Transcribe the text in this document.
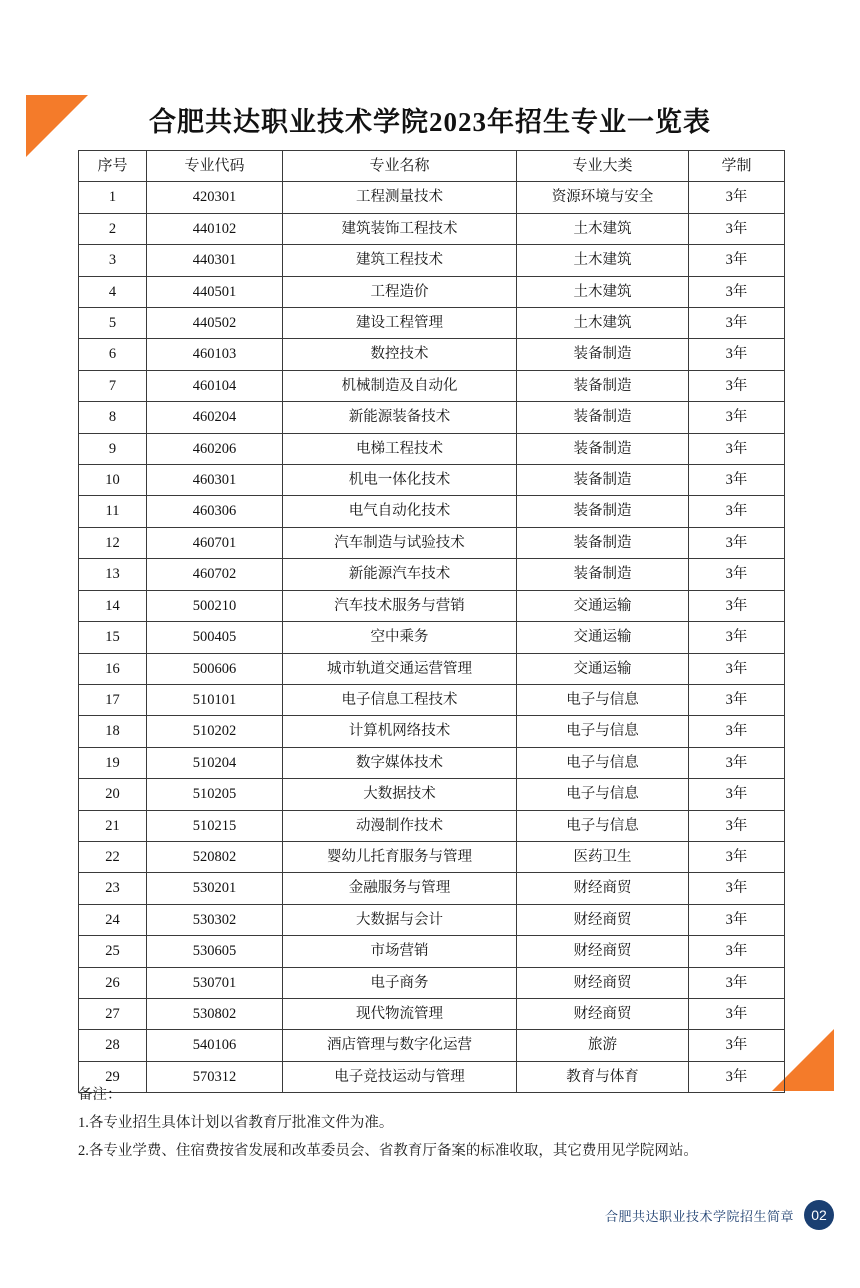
合肥共达职业技术学院2023年招生专业一览表
序号	专业代码	专业名称	专业大类	学制
1	420301	工程测量技术	资源环境与安全	3年
2	440102	建筑装饰工程技术	土木建筑	3年
3	440301	建筑工程技术	土木建筑	3年
4	440501	工程造价	土木建筑	3年
5	440502	建设工程管理	土木建筑	3年
6	460103	数控技术	装备制造	3年
7	460104	机械制造及自动化	装备制造	3年
8	460204	新能源装备技术	装备制造	3年
9	460206	电梯工程技术	装备制造	3年
10	460301	机电一体化技术	装备制造	3年
11	460306	电气自动化技术	装备制造	3年
12	460701	汽车制造与试验技术	装备制造	3年
13	460702	新能源汽车技术	装备制造	3年
14	500210	汽车技术服务与营销	交通运输	3年
15	500405	空中乘务	交通运输	3年
16	500606	城市轨道交通运营管理	交通运输	3年
17	510101	电子信息工程技术	电子与信息	3年
18	510202	计算机网络技术	电子与信息	3年
19	510204	数字媒体技术	电子与信息	3年
20	510205	大数据技术	电子与信息	3年
21	510215	动漫制作技术	电子与信息	3年
22	520802	婴幼儿托育服务与管理	医药卫生	3年
23	530201	金融服务与管理	财经商贸	3年
24	530302	大数据与会计	财经商贸	3年
25	530605	市场营销	财经商贸	3年
26	530701	电子商务	财经商贸	3年
27	530802	现代物流管理	财经商贸	3年
28	540106	酒店管理与数字化运营	旅游	3年
29	570312	电子竞技运动与管理	教育与体育	3年
备注：
1.各专业招生具体计划以省教育厅批准文件为准。
2.各专业学费、住宿费按省发展和改革委员会、省教育厅备案的标准收取，其它费用见学院网站。
合肥共达职业技术学院招生简章	02
